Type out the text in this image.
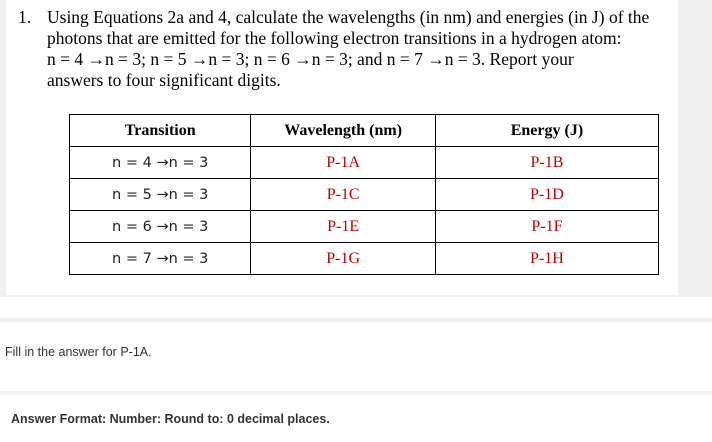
1. Using Equations 2a and 4, calculate the wavelengths (in nm) and energies (in J) of the
photons that are emitted for the following electron transitions in a hydrogen atom:
n = 4 →n = 3; n = 5 →n = 3; n = 6 →n = 3; and n = 7 →n = 3. Report your
answers to four significant digits.
Transition	Wavelength (nm)	Energy (J)
n = 4 →n = 3	P-1A	P-1B
n = 5 →n = 3	P-1C	P-1D
n = 6 →n = 3	P-1E	P-1F
n = 7 →n = 3	P-1G	P-1H
Fill in the answer for P-1A.
Answer Format: Number: Round to: 0 decimal places.
